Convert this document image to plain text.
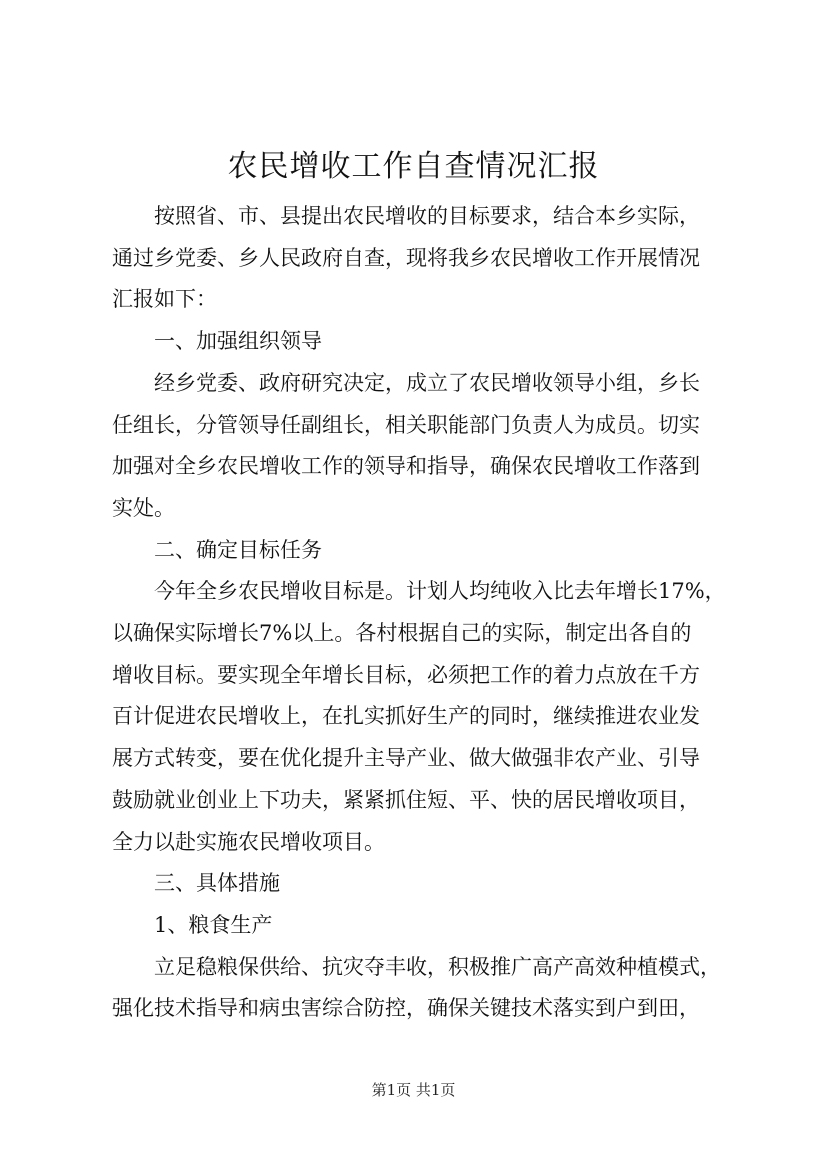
农民增收工作自查情况汇报
　　按照省、市、县提出农民增收的目标要求，结合本乡实际，
通过乡党委、乡人民政府自查，现将我乡农民增收工作开展情况
汇报如下：
　　一、加强组织领导
　　经乡党委、政府研究决定，成立了农民增收领导小组，乡长
任组长，分管领导任副组长，相关职能部门负责人为成员。切实
加强对全乡农民增收工作的领导和指导，确保农民增收工作落到
实处。
　　二、确定目标任务
　　今年全乡农民增收目标是。计划人均纯收入比去年增长17%，
以确保实际增长7%以上。各村根据自己的实际，制定出各自的
增收目标。要实现全年增长目标，必须把工作的着力点放在千方
百计促进农民增收上，在扎实抓好生产的同时，继续推进农业发
展方式转变，要在优化提升主导产业、做大做强非农产业、引导
鼓励就业创业上下功夫，紧紧抓住短、平、快的居民增收项目，
全力以赴实施农民增收项目。
　　三、具体措施
　　1、粮食生产
　　立足稳粮保供给、抗灾夺丰收，积极推广高产高效种植模式，
强化技术指导和病虫害综合防控，确保关键技术落实到户到田，
第1页 共1页
